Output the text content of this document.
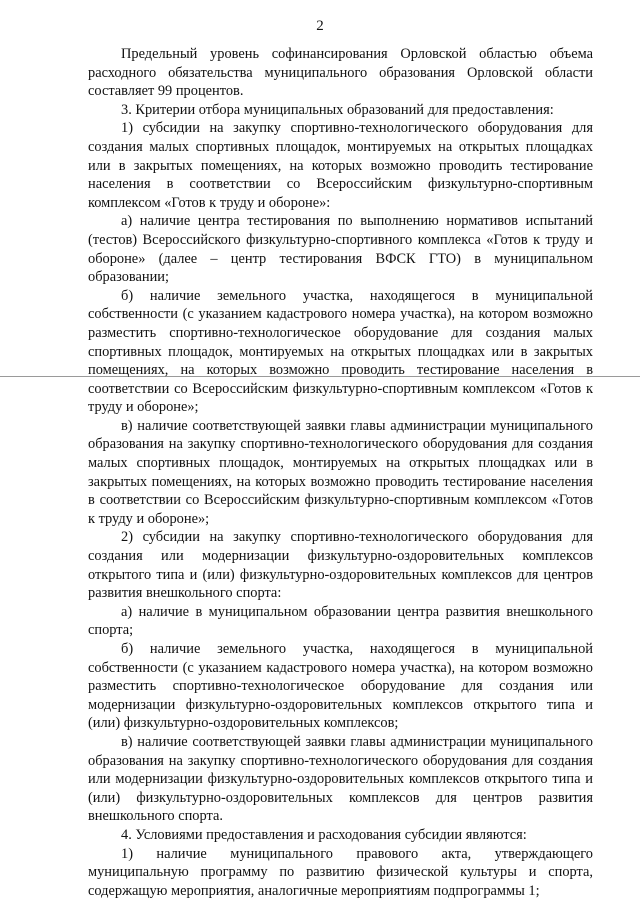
2

Предельный уровень софинансирования Орловской областью объема расходного обязательства муниципального образования Орловской области составляет 99 процентов.

3. Критерии отбора муниципальных образований для предоставления:

1) субсидии на закупку спортивно-технологического оборудования для создания малых спортивных площадок, монтируемых на открытых площадках или в закрытых помещениях, на которых возможно проводить тестирование населения в соответствии со Всероссийским физкультурно-спортивным комплексом «Готов к труду и обороне»:

а) наличие центра тестирования по выполнению нормативов испытаний (тестов) Всероссийского физкультурно-спортивного комплекса «Готов к труду и обороне» (далее – центр тестирования ВФСК ГТО) в муниципальном образовании;

б) наличие земельного участка, находящегося в муниципальной собственности (с указанием кадастрового номера участка), на котором возможно разместить спортивно-технологическое оборудование для создания малых спортивных площадок, монтируемых на открытых площадках или в закрытых помещениях, на которых возможно проводить тестирование населения в соответствии со Всероссийским физкультурно-спортивным комплексом «Готов к труду и обороне»;

в) наличие соответствующей заявки главы администрации муниципального образования на закупку спортивно-технологического оборудования для создания малых спортивных площадок, монтируемых на открытых площадках или в закрытых помещениях, на которых возможно проводить тестирование населения в соответствии со Всероссийским физкультурно-спортивным комплексом «Готов к труду и обороне»;

2) субсидии на закупку спортивно-технологического оборудования для создания или модернизации физкультурно-оздоровительных комплексов открытого типа и (или) физкультурно-оздоровительных комплексов для центров развития внешкольного спорта:

а) наличие в муниципальном образовании центра развития внешкольного спорта;

б) наличие земельного участка, находящегося в муниципальной собственности (с указанием кадастрового номера участка), на котором возможно разместить спортивно-технологическое оборудование для создания или модернизации физкультурно-оздоровительных комплексов открытого типа и (или) физкультурно-оздоровительных комплексов;

в) наличие соответствующей заявки главы администрации муниципального образования на закупку спортивно-технологического оборудования для создания или модернизации физкультурно-оздоровительных комплексов открытого типа и (или) физкультурно-оздоровительных комплексов для центров развития внешкольного спорта.

4. Условиями предоставления и расходования субсидии являются:

1) наличие муниципального правового акта, утверждающего муниципальную программу по развитию физической культуры и спорта, содержащую мероприятия, аналогичные мероприятиям подпрограммы 1;
